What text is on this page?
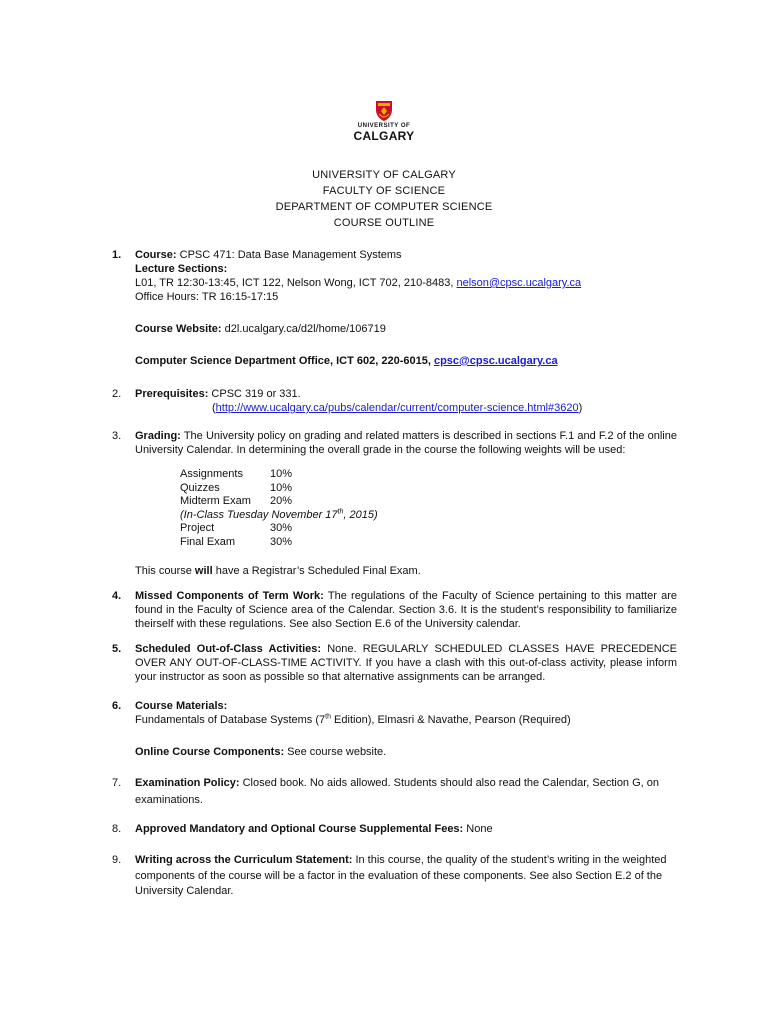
UNIVERSITY OF
CALGARY
UNIVERSITY OF CALGARY
FACULTY OF SCIENCE
DEPARTMENT OF COMPUTER SCIENCE
COURSE OUTLINE
1. Course: CPSC 471: Data Base Management Systems
Lecture Sections:
L01, TR 12:30-13:45, ICT 122, Nelson Wong, ICT 702, 210-8483, nelson@cpsc.ucalgary.ca
Office Hours: TR 16:15-17:15
Course Website: d2l.ucalgary.ca/d2l/home/106719
Computer Science Department Office, ICT 602, 220-6015, cpsc@cpsc.ucalgary.ca
2. Prerequisites: CPSC 319 or 331.
(http://www.ucalgary.ca/pubs/calendar/current/computer-science.html#3620)
3. Grading: The University policy on grading and related matters is described in sections F.1 and F.2 of the online University Calendar. In determining the overall grade in the course the following weights will be used:
Assignments 10%
Quizzes	10%
Midterm Exam 20%
(In-Class Tuesday November 17th, 2015)
Project	30%
Final Exam	30%
This course will have a Registrar’s Scheduled Final Exam.
4. Missed Components of Term Work: The regulations of the Faculty of Science pertaining to this matter are found in the Faculty of Science area of the Calendar. Section 3.6. It is the student’s responsibility to familiarize theirself with these regulations. See also Section E.6 of the University calendar.
5. Scheduled Out-of-Class Activities: None. REGULARLY SCHEDULED CLASSES HAVE PRECEDENCE OVER ANY OUT-OF-CLASS-TIME ACTIVITY. If you have a clash with this out-of-class activity, please inform your instructor as soon as possible so that alternative assignments can be arranged.
6. Course Materials:
Fundamentals of Database Systems (7th Edition), Elmasri & Navathe, Pearson (Required)
Online Course Components: See course website.
7. Examination Policy: Closed book. No aids allowed. Students should also read the Calendar, Section G, on examinations.
8. Approved Mandatory and Optional Course Supplemental Fees: None
9. Writing across the Curriculum Statement: In this course, the quality of the student’s writing in the weighted components of the course will be a factor in the evaluation of these components. See also Section E.2 of the University Calendar.
